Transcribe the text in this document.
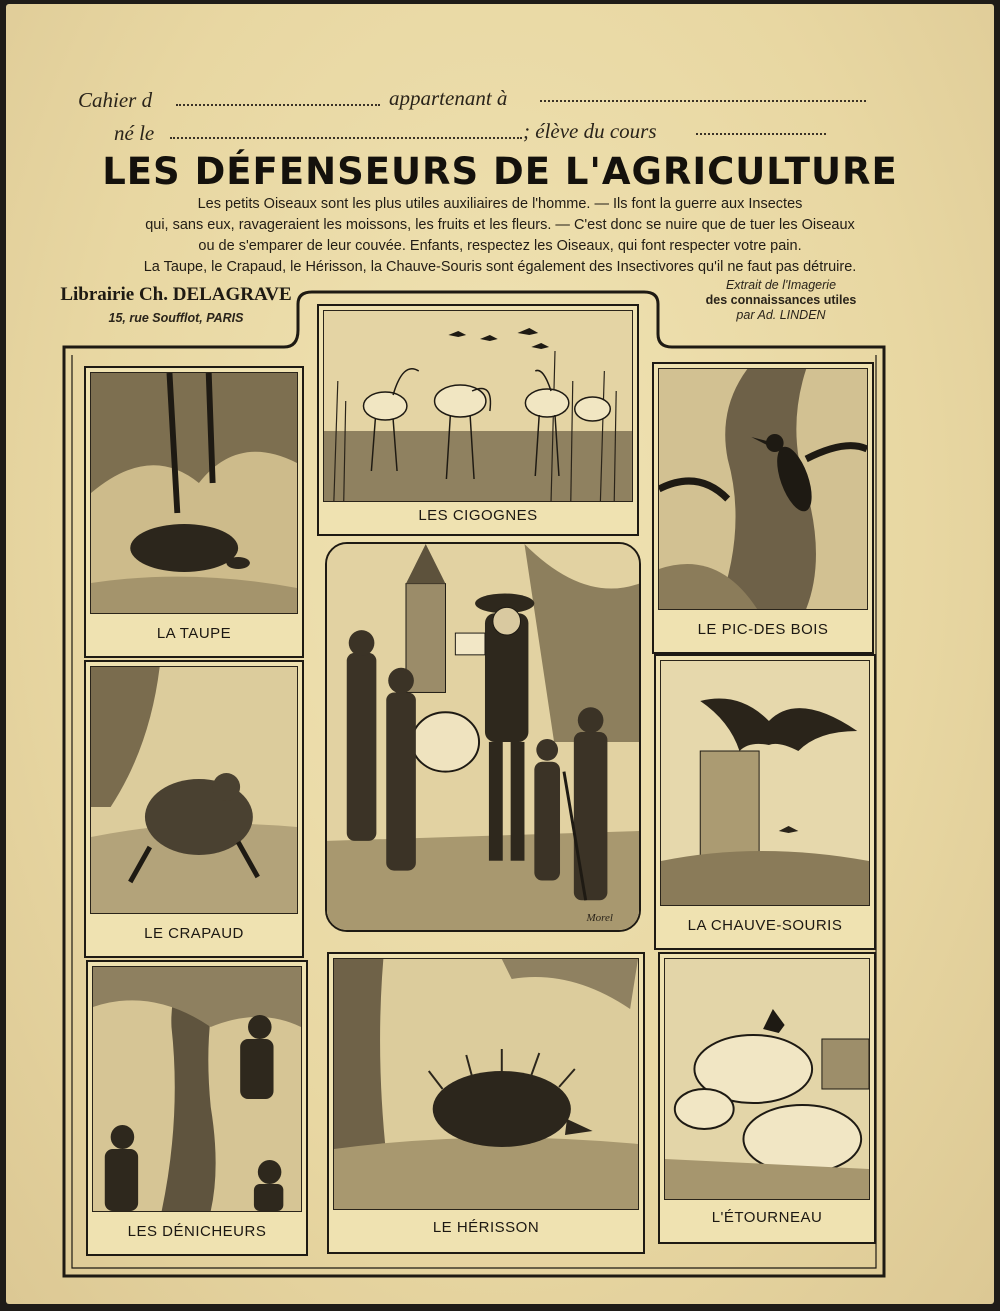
Cahier d	appartenant à
né le	; élève du cours
LES DÉFENSEURS DE L'AGRICULTURE
Les petits Oiseaux sont les plus utiles auxiliaires de l'homme. — Ils font la guerre aux Insectes
qui, sans eux, ravageraient les moissons, les fruits et les fleurs. — C'est donc se nuire que de tuer les Oiseaux
ou de s'emparer de leur couvée. Enfants, respectez les Oiseaux, qui font respecter votre pain.
La Taupe, le Crapaud, le Hérisson, la Chauve-Souris sont également des Insectivores qu'il ne faut pas détruire.
Librairie Ch. DELAGRAVE
15, rue Soufflot, PARIS
Extrait de l'Imagerie
des connaissances utiles
par Ad. LINDEN
LES CIGOGNES
LA TAUPE	LE PIC-DES BOIS
LE CRAPAUD
Morel	LA CHAUVE-SOURIS
LES DÉNICHEURS	LE HÉRISSON
L'ÉTOURNEAU
